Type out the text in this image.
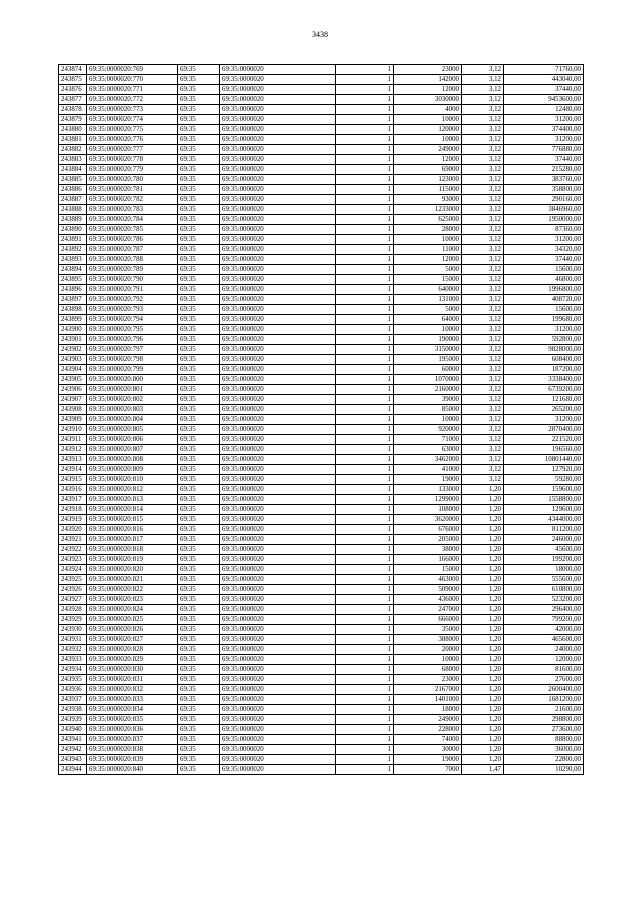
3438
243874	69:35:0000020:769	69:35	69:35:0000020	1	23000	3,12	71760,00
243875	69:35:0000020:770	69:35	69:35:0000020	1	142000	3,12	443040,00
243876	69:35:0000020:771	69:35	69:35:0000020	1	12000	3,12	37440,00
243877	69:35:0000020:772	69:35	69:35:0000020	1	3030000	3,12	9453600,00
243878	69:35:0000020:773	69:35	69:35:0000020	1	4000	3,12	12480,00
243879	69:35:0000020:774	69:35	69:35:0000020	1	10000	3,12	31200,00
243880	69:35:0000020:775	69:35	69:35:0000020	1	120000	3,12	374400,00
243881	69:35:0000020:776	69:35	69:35:0000020	1	10000	3,12	31200,00
243882	69:35:0000020:777	69:35	69:35:0000020	1	249000	3,12	776880,00
243883	69:35:0000020:778	69:35	69:35:0000020	1	12000	3,12	37440,00
243884	69:35:0000020:779	69:35	69:35:0000020	1	69000	3,12	215280,00
243885	69:35:0000020:780	69:35	69:35:0000020	1	123000	3,12	383760,00
243886	69:35:0000020:781	69:35	69:35:0000020	1	115000	3,12	358800,00
243887	69:35:0000020:782	69:35	69:35:0000020	1	93000	3,12	290160,00
243888	69:35:0000020:783	69:35	69:35:0000020	1	1233000	3,12	3846960,00
243889	69:35:0000020:784	69:35	69:35:0000020	1	625000	3,12	1950000,00
243890	69:35:0000020:785	69:35	69:35:0000020	1	28000	3,12	87360,00
243891	69:35:0000020:786	69:35	69:35:0000020	1	10000	3,12	31200,00
243892	69:35:0000020:787	69:35	69:35:0000020	1	11000	3,12	34320,00
243893	69:35:0000020:788	69:35	69:35:0000020	1	12000	3,12	37440,00
243894	69:35:0000020:789	69:35	69:35:0000020	1	5000	3,12	15600,00
243895	69:35:0000020:790	69:35	69:35:0000020	1	15000	3,12	46800,00
243896	69:35:0000020:791	69:35	69:35:0000020	1	640000	3,12	1996800,00
243897	69:35:0000020:792	69:35	69:35:0000020	1	131000	3,12	408720,00
243898	69:35:0000020:793	69:35	69:35:0000020	1	5000	3,12	15600,00
243899	69:35:0000020:794	69:35	69:35:0000020	1	64000	3,12	199680,00
243900	69:35:0000020:795	69:35	69:35:0000020	1	10000	3,12	31200,00
243901	69:35:0000020:796	69:35	69:35:0000020	1	190000	3,12	592800,00
243902	69:35:0000020:797	69:35	69:35:0000020	1	3150000	3,12	9828000,00
243903	69:35:0000020:798	69:35	69:35:0000020	1	195000	3,12	608400,00
243904	69:35:0000020:799	69:35	69:35:0000020	1	60000	3,12	187200,00
243905	69:35:0000020:800	69:35	69:35:0000020	1	1070000	3,12	3338400,00
243906	69:35:0000020:801	69:35	69:35:0000020	1	2160000	3,12	6739200,00
243907	69:35:0000020:802	69:35	69:35:0000020	1	39000	3,12	121680,00
243908	69:35:0000020:803	69:35	69:35:0000020	1	85000	3,12	265200,00
243909	69:35:0000020:804	69:35	69:35:0000020	1	10000	3,12	31200,00
243910	69:35:0000020:805	69:35	69:35:0000020	1	920000	3,12	2870400,00
243911	69:35:0000020:806	69:35	69:35:0000020	1	71000	3,12	221520,00
243912	69:35:0000020:807	69:35	69:35:0000020	1	63000	3,12	196560,00
243913	69:35:0000020:808	69:35	69:35:0000020	1	3462000	3,12	10801440,00
243914	69:35:0000020:809	69:35	69:35:0000020	1	41000	3,12	127920,00
243915	69:35:0000020:810	69:35	69:35:0000020	1	19000	3,12	59280,00
243916	69:35:0000020:812	69:35	69:35:0000020	1	133000	1,20	159600,00
243917	69:35:0000020:813	69:35	69:35:0000020	1	1299000	1,20	1558800,00
243918	69:35:0000020:814	69:35	69:35:0000020	1	108000	1,20	129600,00
243919	69:35:0000020:815	69:35	69:35:0000020	1	3620000	1,20	4344000,00
243920	69:35:0000020:816	69:35	69:35:0000020	1	676000	1,20	811200,00
243921	69:35:0000020:817	69:35	69:35:0000020	1	205000	1,20	246000,00
243922	69:35:0000020:818	69:35	69:35:0000020	1	38000	1,20	45600,00
243923	69:35:0000020:819	69:35	69:35:0000020	1	166000	1,20	199200,00
243924	69:35:0000020:820	69:35	69:35:0000020	1	15000	1,20	18000,00
243925	69:35:0000020:821	69:35	69:35:0000020	1	463000	1,20	555600,00
243926	69:35:0000020:822	69:35	69:35:0000020	1	509000	1,20	610800,00
243927	69:35:0000020:823	69:35	69:35:0000020	1	436000	1,20	523200,00
243928	69:35:0000020:824	69:35	69:35:0000020	1	247000	1,20	296400,00
243929	69:35:0000020:825	69:35	69:35:0000020	1	666000	1,20	799200,00
243930	69:35:0000020:826	69:35	69:35:0000020	1	35000	1,20	42000,00
243931	69:35:0000020:827	69:35	69:35:0000020	1	388000	1,20	465600,00
243932	69:35:0000020:828	69:35	69:35:0000020	1	20000	1,20	24000,00
243933	69:35:0000020:829	69:35	69:35:0000020	1	10000	1,20	12000,00
243934	69:35:0000020:830	69:35	69:35:0000020	1	68000	1,20	81600,00
243935	69:35:0000020:831	69:35	69:35:0000020	1	23000	1,20	27600,00
243936	69:35:0000020:832	69:35	69:35:0000020	1	2167000	1,20	2600400,00
243937	69:35:0000020:833	69:35	69:35:0000020	1	1401000	1,20	1681200,00
243938	69:35:0000020:834	69:35	69:35:0000020	1	18000	1,20	21600,00
243939	69:35:0000020:835	69:35	69:35:0000020	1	249000	1,20	298800,00
243940	69:35:0000020:836	69:35	69:35:0000020	1	228000	1,20	273600,00
243941	69:35:0000020:837	69:35	69:35:0000020	1	74000	1,20	88800,00
243942	69:35:0000020:838	69:35	69:35:0000020	1	30000	1,20	36000,00
243943	69:35:0000020:839	69:35	69:35:0000020	1	19000	1,20	22800,00
243944	69:35:0000020:840	69:35	69:35:0000020	1	7000	1,47	10290,00
